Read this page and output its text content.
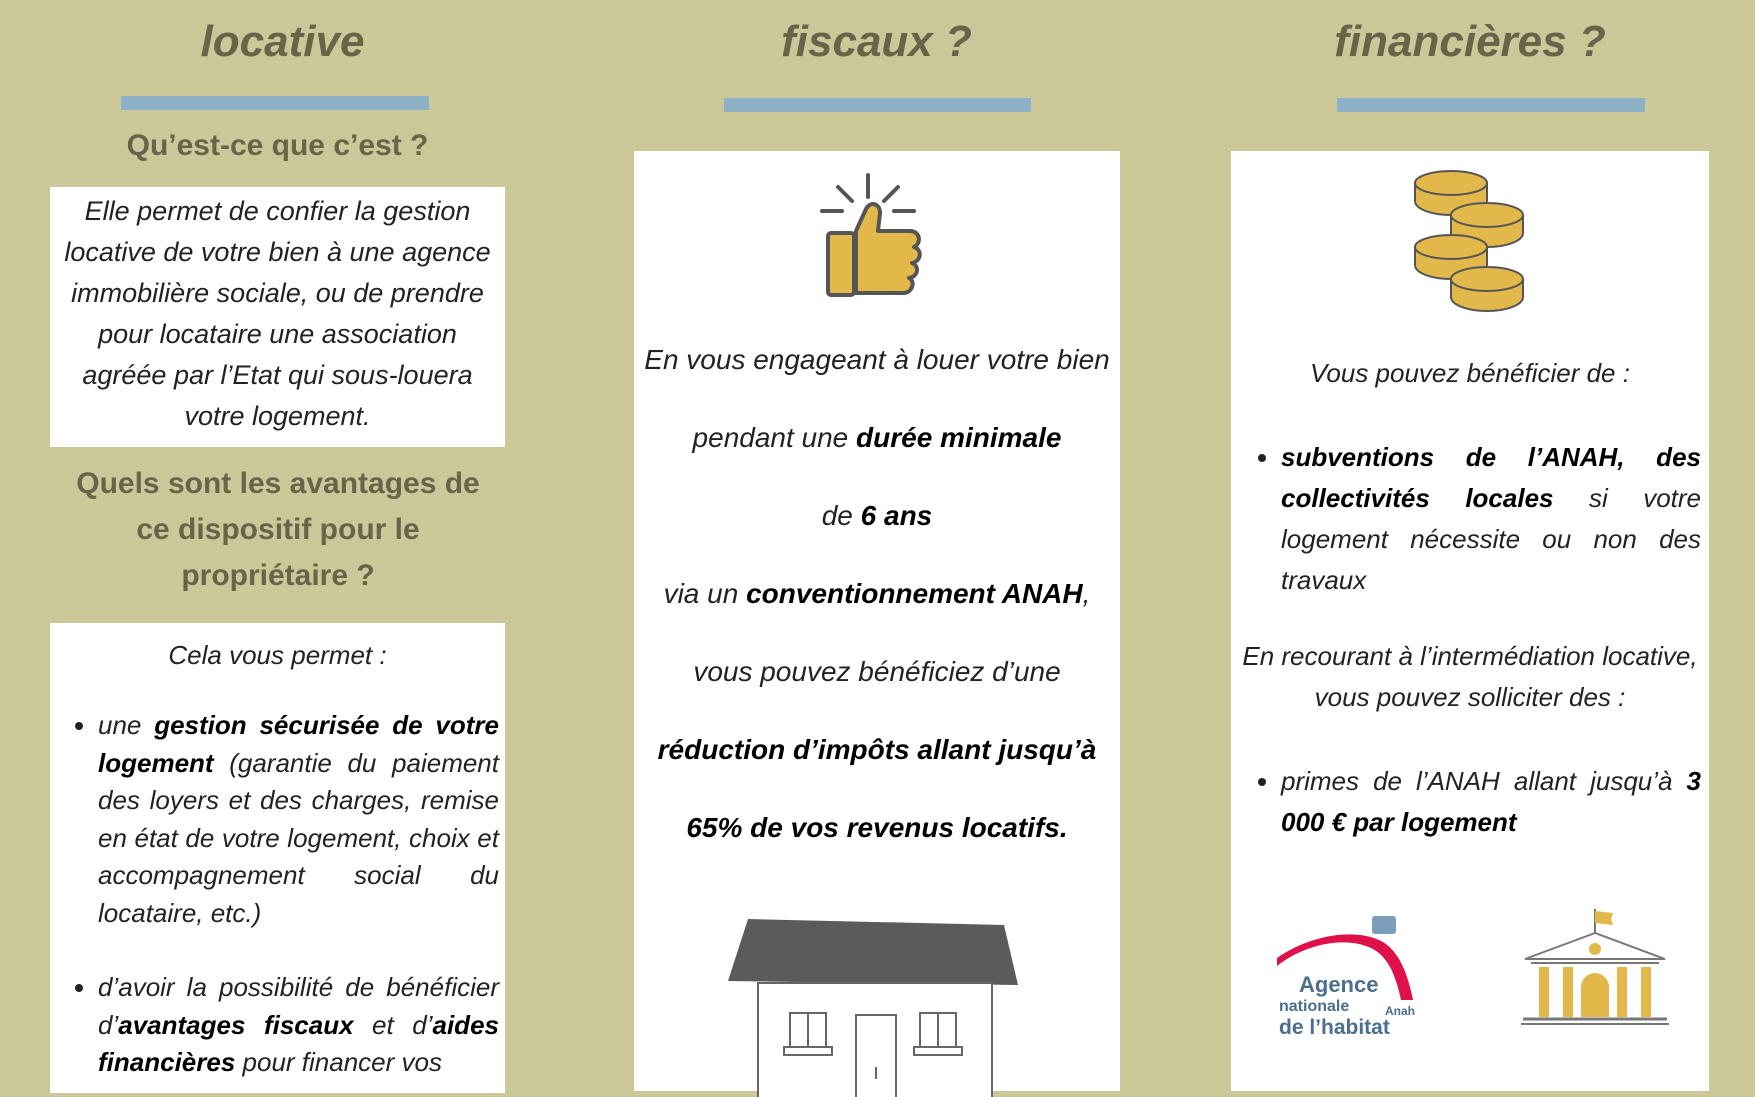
locative
Qu’est-ce que c’est ?

Elle permet de confier la gestion locative de votre bien à une agence immobilière sociale, ou de prendre pour locataire une association agréée par l’Etat qui sous-louera votre logement.

Quels sont les avantages de ce dispositif pour le propriétaire ?

Cela vous permet :

• une gestion sécurisée de votre logement (garantie du paiement des loyers et des charges, remise en état de votre logement, choix et accompagnement social du locataire, etc.)
• d’avoir la possibilité de bénéficier d’avantages fiscaux et d’aides financières pour financer vos
fiscaux ?

En vous engageant à louer votre bien

pendant une durée minimale

de 6 ans

via un conventionnement ANAH,

vous pouvez bénéficiez d’une

réduction d’impôts allant jusqu’à

65% de vos revenus locatifs.

financières ?

Vous pouvez bénéficier de :

• subventions de l’ANAH, des collectivités locales si votre logement nécessite ou non des travaux

En recourant à l’intermédiation locative, vous pouvez solliciter des :

• primes de l’ANAH allant jusqu’à 3 000 € par logement
Agence
nationale
de l’habitat
Anah
